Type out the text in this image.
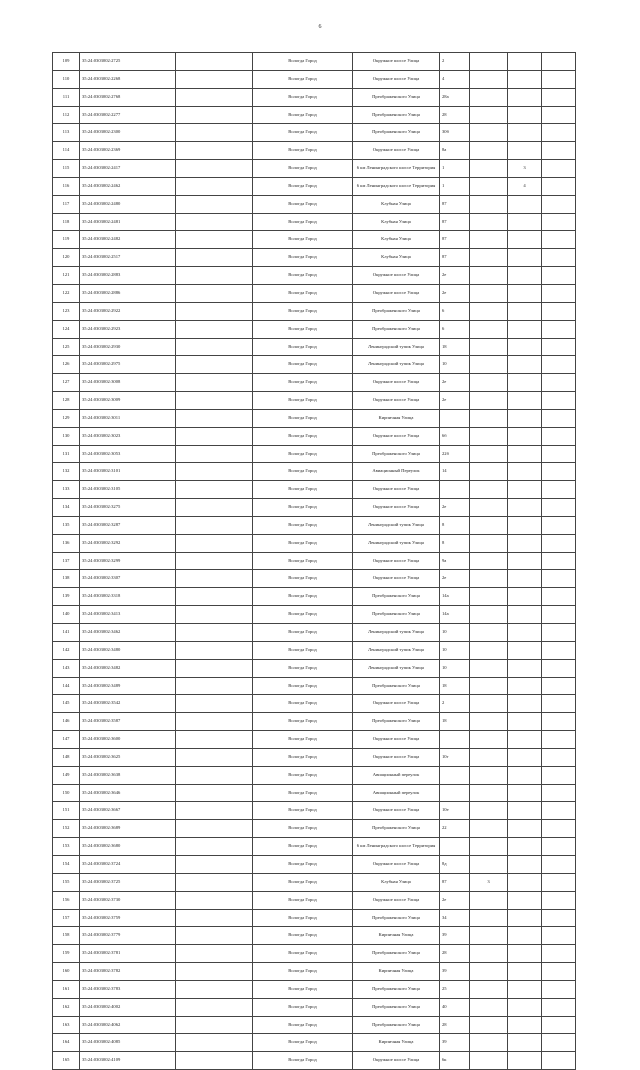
6
109	35:24:0303002:2725		Вологда Город	Окружное шоссе Улица	2			
110	35:24:0303002:2268		Вологда Город	Окружное шоссе Улица	4			
111	35:24:0303002:2768		Вологда Город	Преображенского Улица	28a			
112	35:24:0303002:2277		Вологда Город	Преображенского Улица	28			
113	35:24:0303002:2300		Вологда Город	Преображенского Улица	30б			
114	35:24:0303002:2369		Вологда Город	Окружное шоссе Улица	8a			
115	35:24:0303002:2417		Вологда Город	6 км Ленинградского шоссе Территория	1		3	
116	35:24:0303002:2462		Вологда Город	6 км Ленинградского шоссе Территория	1		4	
117	35:24:0303002:2480		Вологда Город	Клубная Улица	87			
118	35:24:0303002:2481		Вологда Город	Клубная Улица	87			
119	35:24:0303002:2482		Вологда Город	Клубная Улица	87			
120	35:24:0303002:2517		Вологда Город	Клубная Улица	87			
121	35:24:0303002:2883		Вологда Город	Окружное шоссе Улица	2е			
122	35:24:0303002:2886		Вологда Город	Окружное шоссе Улица	2е			
123	35:24:0303002:2922		Вологда Город	Преображенского Улица	6			
124	35:24:0303002:2923		Вологда Город	Преображенского Улица	6			
125	35:24:0303002:2930		Вологда Город	Ленинградский тупик Улица	18			
126	35:24:0303002:2975		Вологда Город	Ленинградский тупик Улица	10			
127	35:24:0303002:3008		Вологда Город	Окружное шоссе Улица	2е			
128	35:24:0303002:3009		Вологда Город	Окружное шоссе Улица	2е			
129	35:24:0303002:3011		Вологда Город	Кирпичная Улица				
130	35:24:0303002:3023		Вологда Город	Окружное шоссе Улица	6б			
131	35:24:0303002:3053		Вологда Город	Преображенского Улица	22б			
132	35:24:0303002:3101		Вологда Город	Авиационный Переулок	14			
133	35:24:0303002:3105		Вологда Город	Окружное шоссе Улица				
134	35:24:0303002:3275		Вологда Город	Окружное шоссе Улица	2е			
135	35:24:0303002:3287		Вологда Город	Ленинградский тупик Улица	8			
136	35:24:0303002:3292		Вологда Город	Ленинградский тупик Улица	8			
137	35:24:0303002:3299		Вологда Город	Окружное шоссе Улица	9a			
138	35:24:0303002:3307		Вологда Город	Окружное шоссе Улица	2е			
139	35:24:0303002:3318		Вологда Город	Преображенского Улица	14a			
140	35:24:0303002:3413		Вологда Город	Преображенского Улица	14a			
141	35:24:0303002:3462		Вологда Город	Ленинградский тупик Улица	10			
142	35:24:0303002:3480		Вологда Город	Ленинградский тупик Улица	10			
143	35:24:0303002:3482		Вологда Город	Ленинградский тупик Улица	10			
144	35:24:0303002:3489		Вологда Город	Преображенского Улица	18			
145	35:24:0303002:3542		Вологда Город	Окружное шоссе Улица	2			
146	35:24:0303002:3587		Вологда Город	Преображенского Улица	18			
147	35:24:0303002:3600		Вологда Город	Окружное шоссе Улица				
148	35:24:0303002:3625		Вологда Город	Окружное шоссе Улица	10г			
149	35:24:0303002:3638		Вологда Город	Авиационный переулок				
150	35:24:0303002:3646		Вологда Город	Авиационный переулок				
151	35:24:0303002:3667		Вологда Город	Окружное шоссе Улица	10e			
152	35:24:0303002:3689		Вологда Город	Преображенского Улица	22			
153	35:24:0303002:3680		Вологда Город	6 км Ленинградского шоссе Территория				
154	35:24:0303002:3724		Вологда Город	Окружное шоссе Улица	8д			
155	35:24:0303002:3725		Вологда Город	Клубная Улица	87	3		
156	35:24:0303002:3730		Вологда Город	Окружное шоссе Улица	2е			
157	35:24:0303002:3759		Вологда Город	Преображенского Улица	34			
158	35:24:0303002:3779		Вологда Город	Кирпичная Улица	39			
159	35:24:0303002:3781		Вологда Город	Преображенского Улица	28			
160	35:24:0303002:3782		Вологда Город	Кирпичная Улица	39			
161	35:24:0303002:3783		Вологда Город	Преображенского Улица	25			
162	35:24:0303002:4002		Вологда Город	Преображенского Улица	40			
163	35:24:0303002:4062		Вологда Город	Преображенского Улица	28			
164	35:24:0303002:4085		Вологда Город	Кирпичная Улица	39			
165	35:24:0303002:4109		Вологда Город	Окружное шоссе Улица	6к			
